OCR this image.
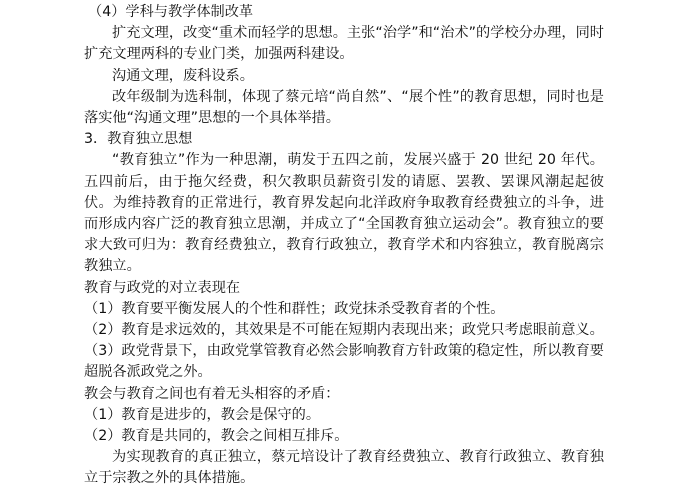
（4）学科与教学体制改革

扩充文理，改变“重术而轻学的思想。主张“治学”和“治术”的学校分办理，同时扩充文理两科的专业门类，加强两科建设。

沟通文理，废科设系。

改年级制为选科制，体现了蔡元培“尚自然”、“展个性”的教育思想，同时也是落实他“沟通文理”思想的一个具体举措。

3．教育独立思想

“教育独立”作为一种思潮，萌发于五四之前，发展兴盛于 20 世纪 20 年代。五四前后，由于拖欠经费，积欠教职员薪资引发的请愿、罢教、罢课风潮起起彼伏。为维持教育的正常进行，教育界发起向北洋政府争取教育经费独立的斗争，进而形成内容广泛的教育独立思潮，并成立了“全国教育独立运动会”。教育独立的要求大致可归为：教育经费独立，教育行政独立，教育学术和内容独立，教育脱离宗教独立。

教育与政党的对立表现在

（1）教育要平衡发展人的个性和群性；政党抹杀受教育者的个性。

（2）教育是求远效的，其效果是不可能在短期内表现出来；政党只考虑眼前意义。

（3）政党背景下，由政党掌管教育必然会影响教育方针政策的稳定性，所以教育要超脱各派政党之外。

教会与教育之间也有着无头相容的矛盾：

（1）教育是进步的，教会是保守的。

（2）教育是共同的，教会之间相互排斥。

为实现教育的真正独立，蔡元培设计了教育经费独立、教育行政独立、教育独立于宗教之外的具体措施。
